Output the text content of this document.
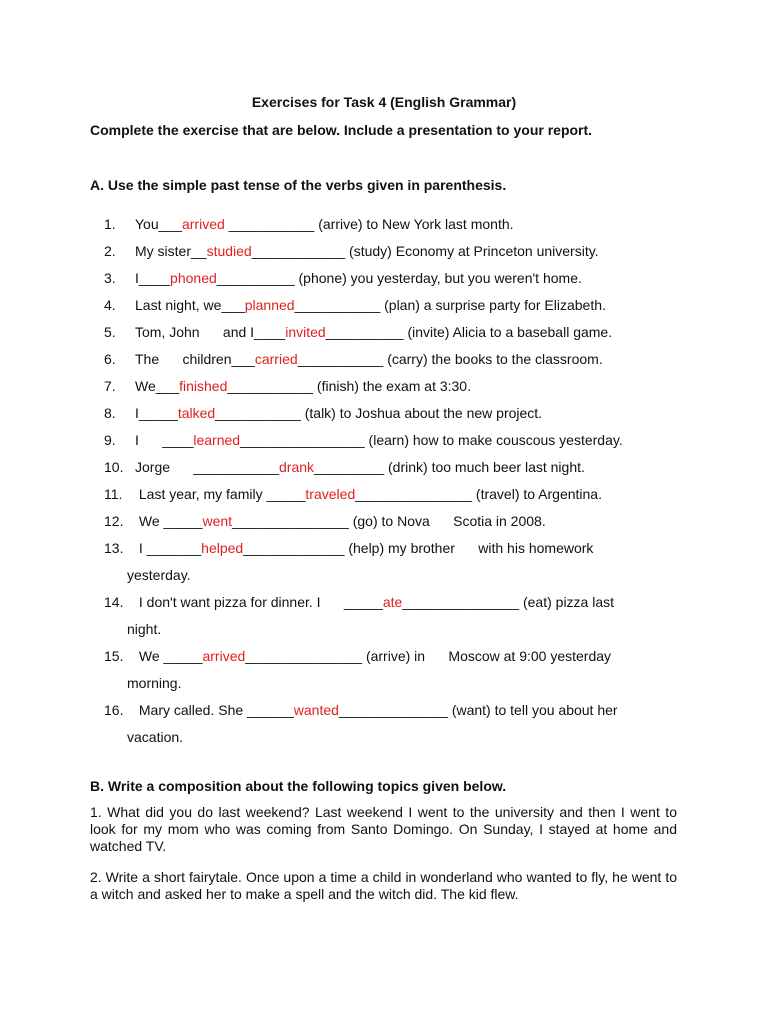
Exercises for Task 4 (English Grammar)
Complete the exercise that are below. Include a presentation to your report.
A. Use the simple past tense of the verbs given in parenthesis.
1. You___arrived ___________ (arrive) to New York last month.
2. My sister__studied____________ (study) Economy at Princeton university.
3. I____phoned__________ (phone) you yesterday, but you weren't home.
4. Last night, we___planned___________ (plan) a surprise party for Elizabeth.
5. Tom, John      and I____invited__________ (invite) Alicia to a baseball game.
6. The      children___carried___________ (carry) the books to the classroom.
7. We___finished___________ (finish) the exam at 3:30.
8. I_____talked___________ (talk) to Joshua about the new project.
9. I      ____learned________________ (learn) how to make couscous yesterday.
10. Jorge      ___________drank_________ (drink) too much beer last night.
11. Last year, my family _____traveled_______________ (travel) to Argentina.
12. We _____went_______________ (go) to Nova      Scotia in 2008.
13. I _______helped_____________ (help) my brother      with his homework
yesterday.
14. I don't want pizza for dinner. I      _____ate_______________ (eat) pizza last
night.
15. We _____arrived_______________ (arrive) in      Moscow at 9:00 yesterday
morning.
16. Mary called. She ______wanted______________ (want) to tell you about her
vacation.
B. Write a composition about the following topics given below.
1. What did you do last weekend? Last weekend I went to the university and then I went to look for my mom who was coming from Santo Domingo. On Sunday, I stayed at home and watched TV.
2. Write a short fairytale. Once upon a time a child in wonderland who wanted to fly, he went to a witch and asked her to make a spell and the witch did. The kid flew.
